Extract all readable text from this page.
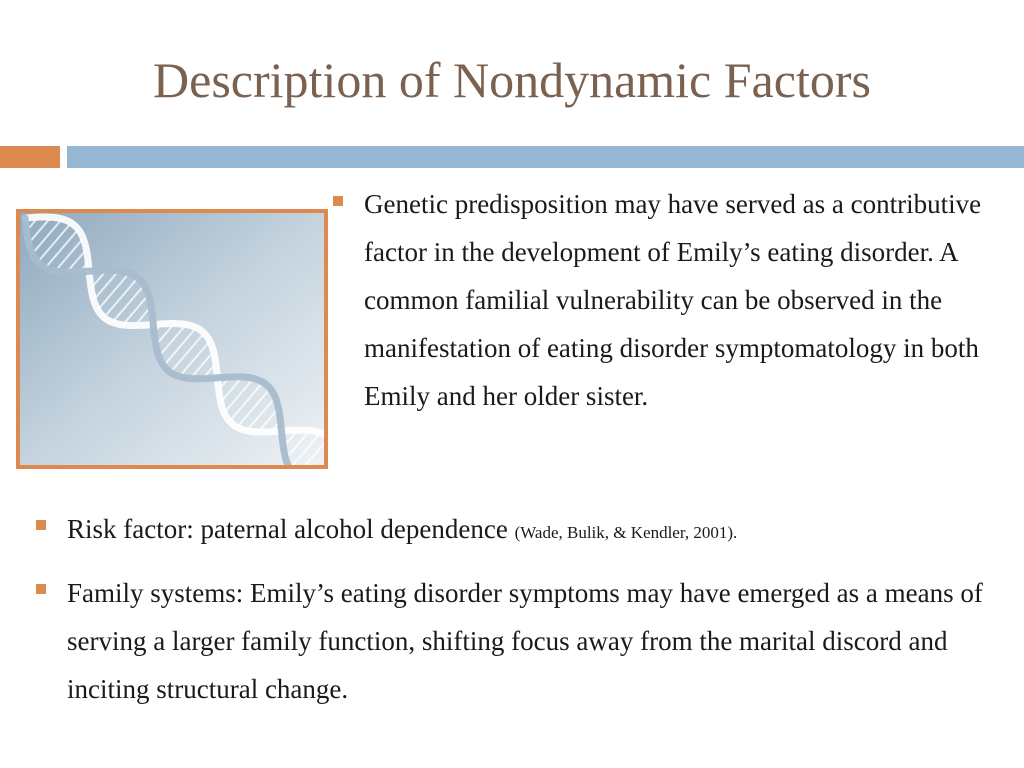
Description of Nondynamic Factors
Genetic predisposition may have served as a contributive factor in the development of Emily’s eating disorder. A common familial vulnerability can be observed in the manifestation of eating disorder symptomatology in both Emily and her older sister.
Risk factor: paternal alcohol dependence (Wade, Bulik, & Kendler, 2001).
Family systems: Emily’s eating disorder symptoms may have emerged as a means of serving a larger family function, shifting focus away from the marital discord and inciting structural change.
